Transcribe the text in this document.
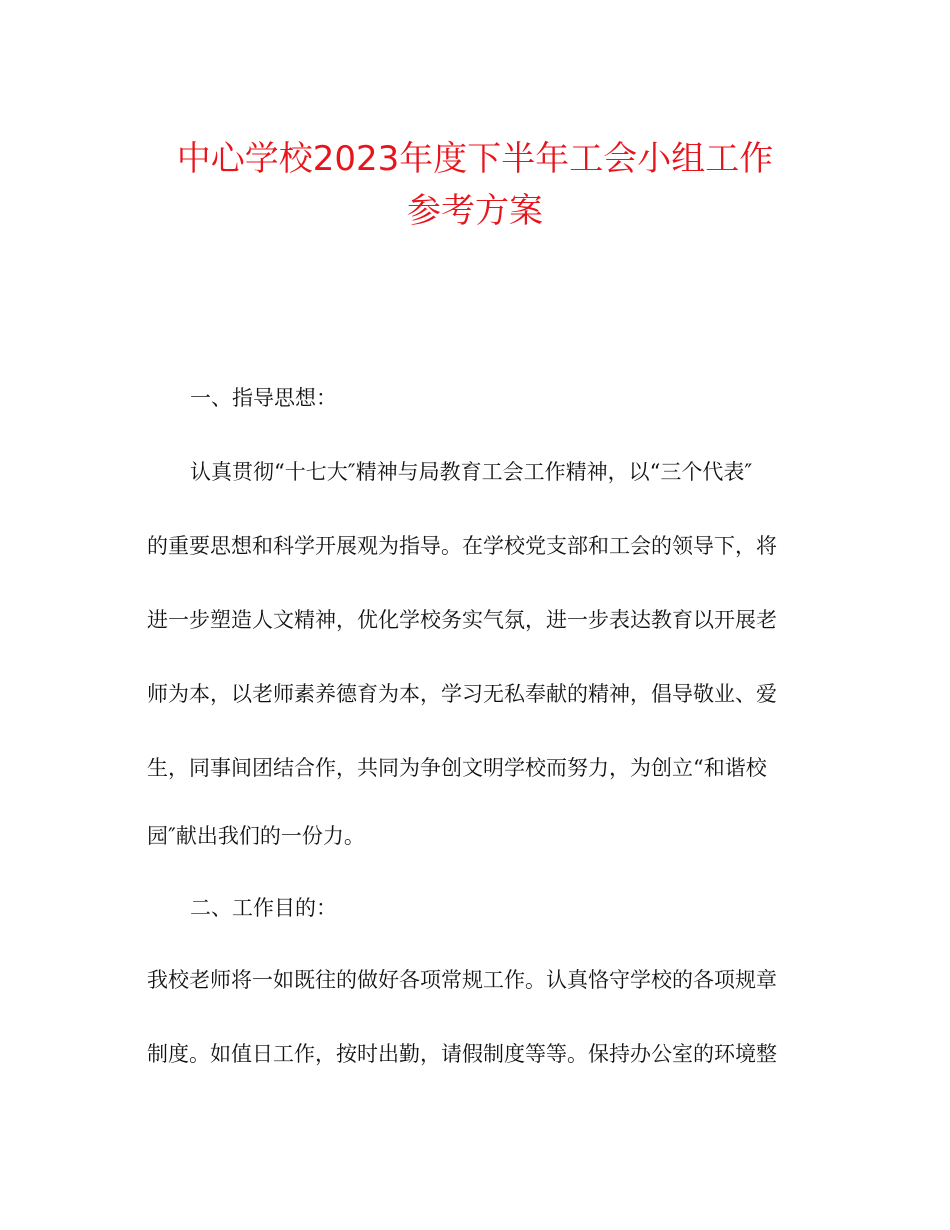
中心学校2023年度下半年工会小组工作
参考方案
一、指导思想：
认真贯彻“十七大″精神与局教育工会工作精神，以“三个代表″
的重要思想和科学开展观为指导。在学校党支部和工会的领导下，将
进一步塑造人文精神，优化学校务实气氛，进一步表达教育以开展老
师为本，以老师素养德育为本，学习无私奉献的精神，倡导敬业、爱
生，同事间团结合作，共同为争创文明学校而努力，为创立“和谐校
园″献出我们的一份力。
二、工作目的：
我校老师将一如既往的做好各项常规工作。认真恪守学校的各项规章
制度。如值日工作，按时出勤，请假制度等等。保持办公室的环境整
